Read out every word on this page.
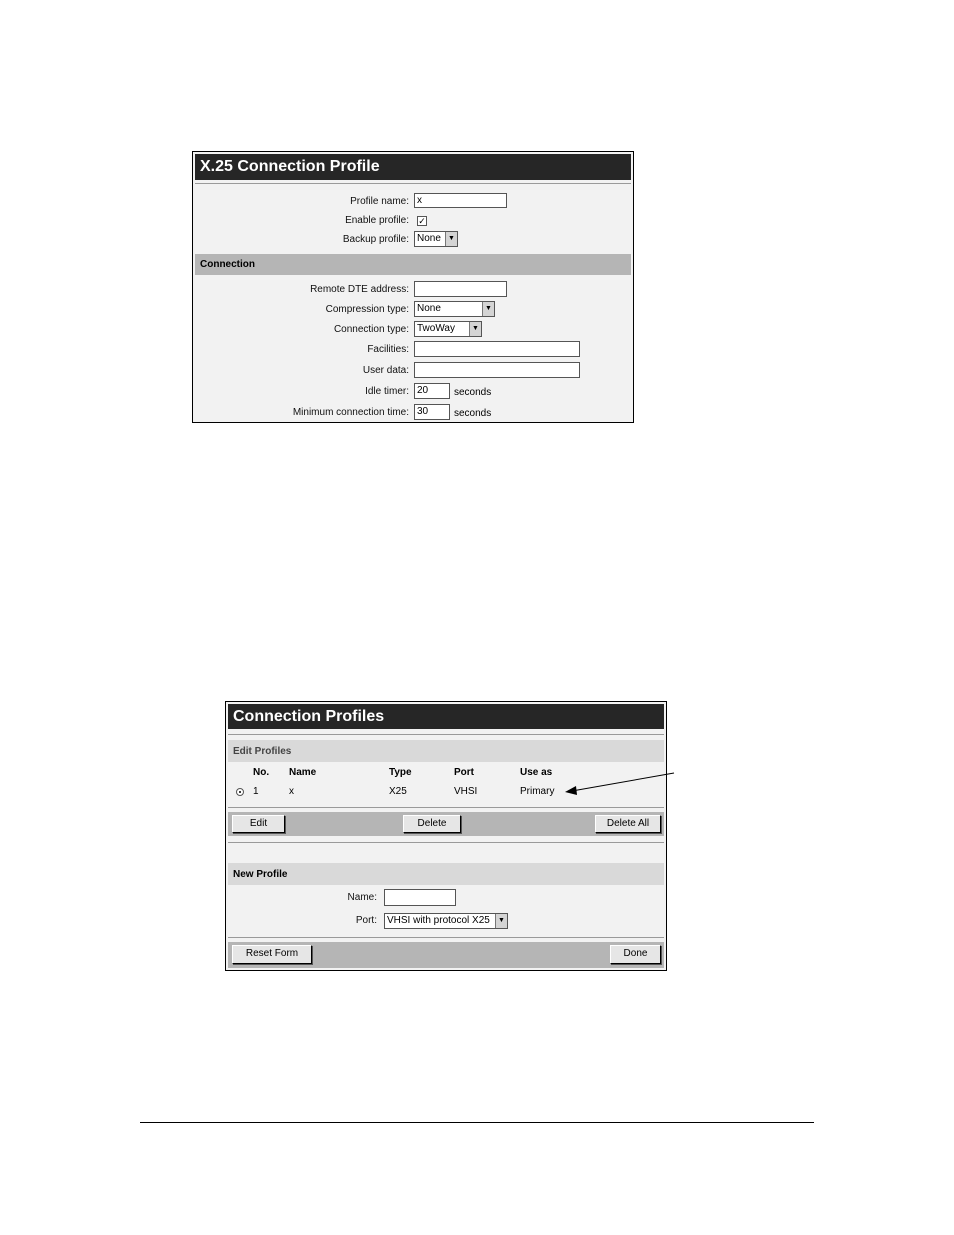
X.25 Connection Profile
Profile name: x
Enable profile: ✓
Backup profile: None	▼
Connection
Remote DTE address:
Compression type: None	▼
Connection type: TwoWay	▼
Facilities:
User data:
Idle timer: 20	seconds
Minimum connection time: 30	seconds
Connection Profiles
Edit Profiles
No. Name	Type	Port	Use as
1	x	X25	VHSI	Primary
Edit	Delete	Delete All
New Profile
Name:
Port:	VHSI with protocol X25	▼
Reset Form	Done
